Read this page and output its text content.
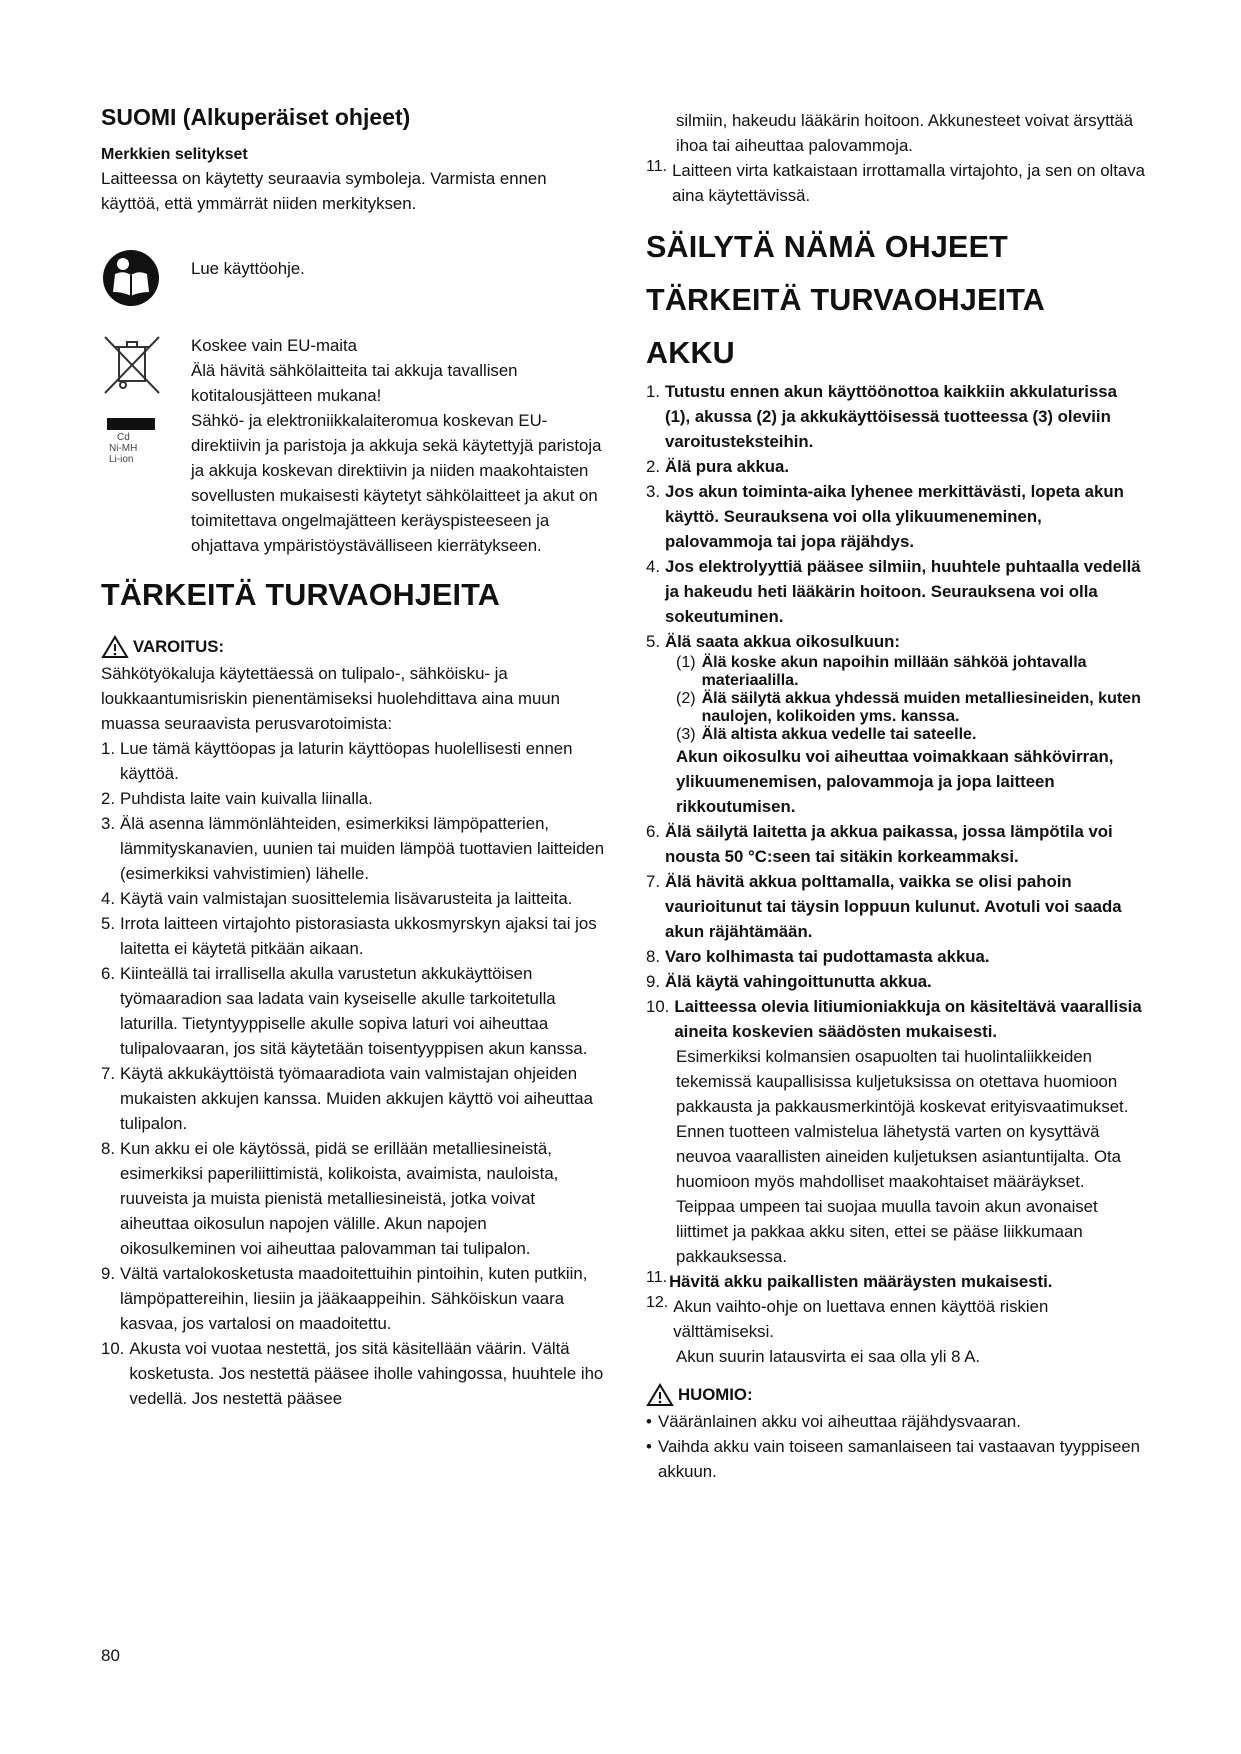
SUOMI (Alkuperäiset ohjeet)
Merkkien selitykset

Laitteessa on käytetty seuraavia symboleja. Varmista ennen käyttöä, että ymmärrät niiden merkityksen.

Lue käyttöohje.

Cd
Ni-MH
Li-ion

Koskee vain EU-maita

Älä hävitä sähkölaitteita tai akkuja tavallisen kotitalousjätteen mukana!

Sähkö- ja elektroniikkalaiteromua koskevan EU-direktiivin ja paristoja ja akkuja sekä käytettyjä paristoja ja akkuja koskevan direktiivin ja niiden maakohtaisten sovellusten mukaisesti käytetyt sähkölaitteet ja akut on toimitettava ongelmajätteen keräyspisteeseen ja ohjattava ympäristöystävälliseen kierrätykseen.

TÄRKEITÄ TURVAOHJEITA
VAROITUS:

Sähkötyökaluja käytettäessä on tulipalo-, sähköisku- ja loukkaantumisriskin pienentämiseksi huolehdittava aina muun muassa seuraavista perusvarotoimista:

1. Lue tämä käyttöopas ja laturin käyttöopas huolellisesti ennen käyttöä.
2. Puhdista laite vain kuivalla liinalla.
3. Älä asenna lämmönlähteiden, esimerkiksi lämpöpatterien, lämmityskanavien, uunien tai muiden lämpöä tuottavien laitteiden (esimerkiksi vahvistimien) lähelle.
4. Käytä vain valmistajan suosittelemia lisävarusteita ja laitteita.
5. Irrota laitteen virtajohto pistorasiasta ukkosmyrskyn ajaksi tai jos laitetta ei käytetä pitkään aikaan.
6. Kiinteällä tai irrallisella akulla varustetun akkukäyttöisen työmaaradion saa ladata vain kyseiselle akulle tarkoitetulla laturilla. Tietyntyyppiselle akulle sopiva laturi voi aiheuttaa tulipalovaaran, jos sitä käytetään toisentyyppisen akun kanssa.
7. Käytä akkukäyttöistä työmaaradiota vain valmistajan ohjeiden mukaisten akkujen kanssa. Muiden akkujen käyttö voi aiheuttaa tulipalon.
8. Kun akku ei ole käytössä, pidä se erillään metalliesineistä, esimerkiksi paperiliittimistä, kolikoista, avaimista, nauloista, ruuveista ja muista pienistä metalliesineistä, jotka voivat aiheuttaa oikosulun napojen välille. Akun napojen oikosulkeminen voi aiheuttaa palovamman tai tulipalon.
9. Vältä vartalokosketusta maadoitettuihin pintoihin, kuten putkiin, lämpöpattereihin, liesiin ja jääkaappeihin. Sähköiskun vaara kasvaa, jos vartalosi on maadoitettu.
10. Akusta voi vuotaa nestettä, jos sitä käsitellään väärin. Vältä kosketusta. Jos nestettä pääsee iholle vahingossa, huuhtele iho vedellä. Jos nestettä pääsee

silmiin, hakeudu lääkärin hoitoon. Akkunesteet voivat ärsyttää ihoa tai aiheuttaa palovammoja.

11. Laitteen virta katkaistaan irrottamalla virtajohto, ja sen on oltava aina käytettävissä.
SÄILYTÄ NÄMÄ OHJEET
TÄRKEITÄ TURVAOHJEITA
AKKU
1. Tutustu ennen akun käyttöönottoa kaikkiin akkulaturissa (1), akussa (2) ja akkukäyttöisessä tuotteessa (3) oleviin varoitusteksteihin.
2. Älä pura akkua.
3. Jos akun toiminta-aika lyhenee merkittävästi, lopeta akun käyttö. Seurauksena voi olla ylikuumeneminen, palovammoja tai jopa räjähdys.
4. Jos elektrolyyttiä pääsee silmiin, huuhtele puhtaalla vedellä ja hakeudu heti lääkärin hoitoon. Seurauksena voi olla sokeutuminen.
5. Älä saata akkua oikosulkuun:
(1) Älä koske akun napoihin millään sähköä johtavalla materiaalilla.
(2) Älä säilytä akkua yhdessä muiden metalliesineiden, kuten naulojen, kolikoiden yms. kanssa.
(3) Älä altista akkua vedelle tai sateelle.

Akun oikosulku voi aiheuttaa voimakkaan sähkövirran, ylikuumenemisen, palovammoja ja jopa laitteen rikkoutumisen.

6. Älä säilytä laitetta ja akkua paikassa, jossa lämpötila voi nousta 50 °C:seen tai sitäkin korkeammaksi.
7. Älä hävitä akkua polttamalla, vaikka se olisi pahoin vaurioitunut tai täysin loppuun kulunut. Avotuli voi saada akun räjähtämään.
8. Varo kolhimasta tai pudottamasta akkua.
9. Älä käytä vahingoittunutta akkua.
10. Laitteessa olevia litiumioniakkuja on käsiteltävä vaarallisia aineita koskevien säädösten mukaisesti.

Esimerkiksi kolmansien osapuolten tai huolintaliikkeiden tekemissä kaupallisissa kuljetuksissa on otettava huomioon pakkausta ja pakkausmerkintöjä koskevat erityisvaatimukset.

Ennen tuotteen valmistelua lähetystä varten on kysyttävä neuvoa vaarallisten aineiden kuljetuksen asiantuntijalta. Ota huomioon myös mahdolliset maakohtaiset määräykset.

Teippaa umpeen tai suojaa muulla tavoin akun avonaiset liittimet ja pakkaa akku siten, ettei se pääse liikkumaan pakkauksessa.

11. Hävitä akku paikallisten määräysten mukaisesti.
12. Akun vaihto-ohje on luettava ennen käyttöä riskien välttämiseksi.

Akun suurin latausvirta ei saa olla yli 8 A.

HUOMIO:
• Vääränlainen akku voi aiheuttaa räjähdysvaaran.
• Vaihda akku vain toiseen samanlaiseen tai vastaavan tyyppiseen akkuun.
80
